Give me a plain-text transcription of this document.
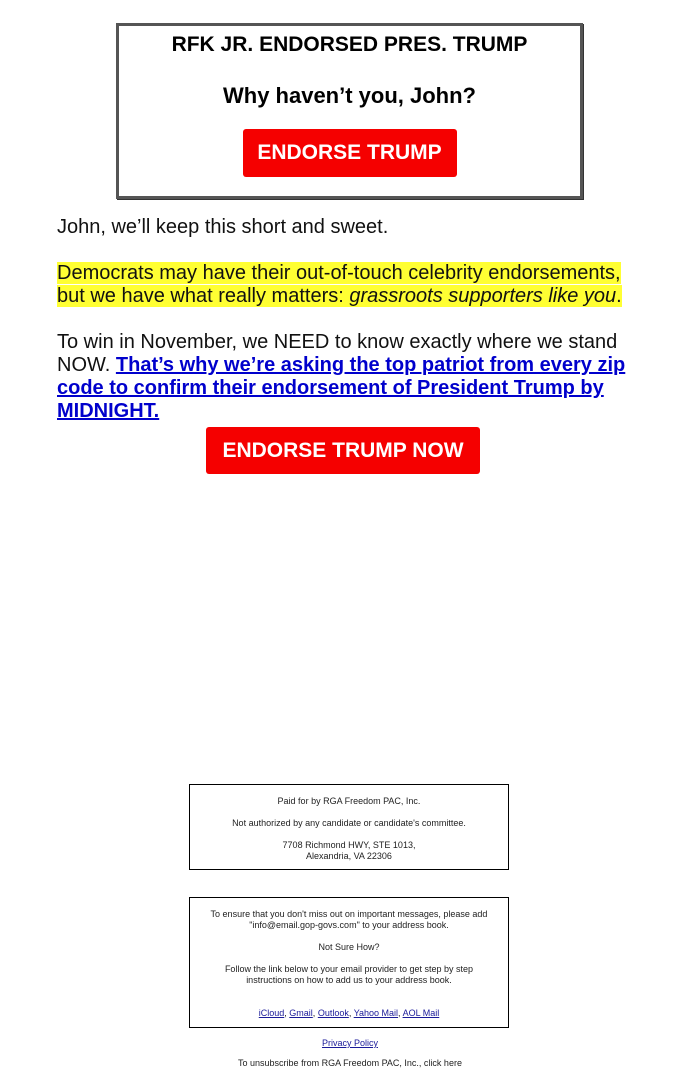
RFK JR. ENDORSED PRES. TRUMP
Why haven’t you, John?
ENDORSE TRUMP

John, we’ll keep this short and sweet.

Democrats may have their out-of-touch celebrity endorsements, but we have what really matters: grassroots supporters like you.

To win in November, we NEED to know exactly where we stand NOW. That’s why we’re asking the top patriot from every zip code to confirm their endorsement of President Trump by MIDNIGHT.

ENDORSE TRUMP NOW

Paid for by RGA Freedom PAC, Inc.

Not authorized by any candidate or candidate's committee.

7708 Richmond HWY, STE 1013,
Alexandria, VA 22306

To ensure that you don't miss out on important messages, please add "info@email.gop-govs.com" to your address book.

Not Sure How?

Follow the link below to your email provider to get step by step instructions on how to add us to your address book.

iCloud, Gmail, Outlook, Yahoo Mail, AOL Mail
Privacy Policy
To unsubscribe from RGA Freedom PAC, Inc., click here
